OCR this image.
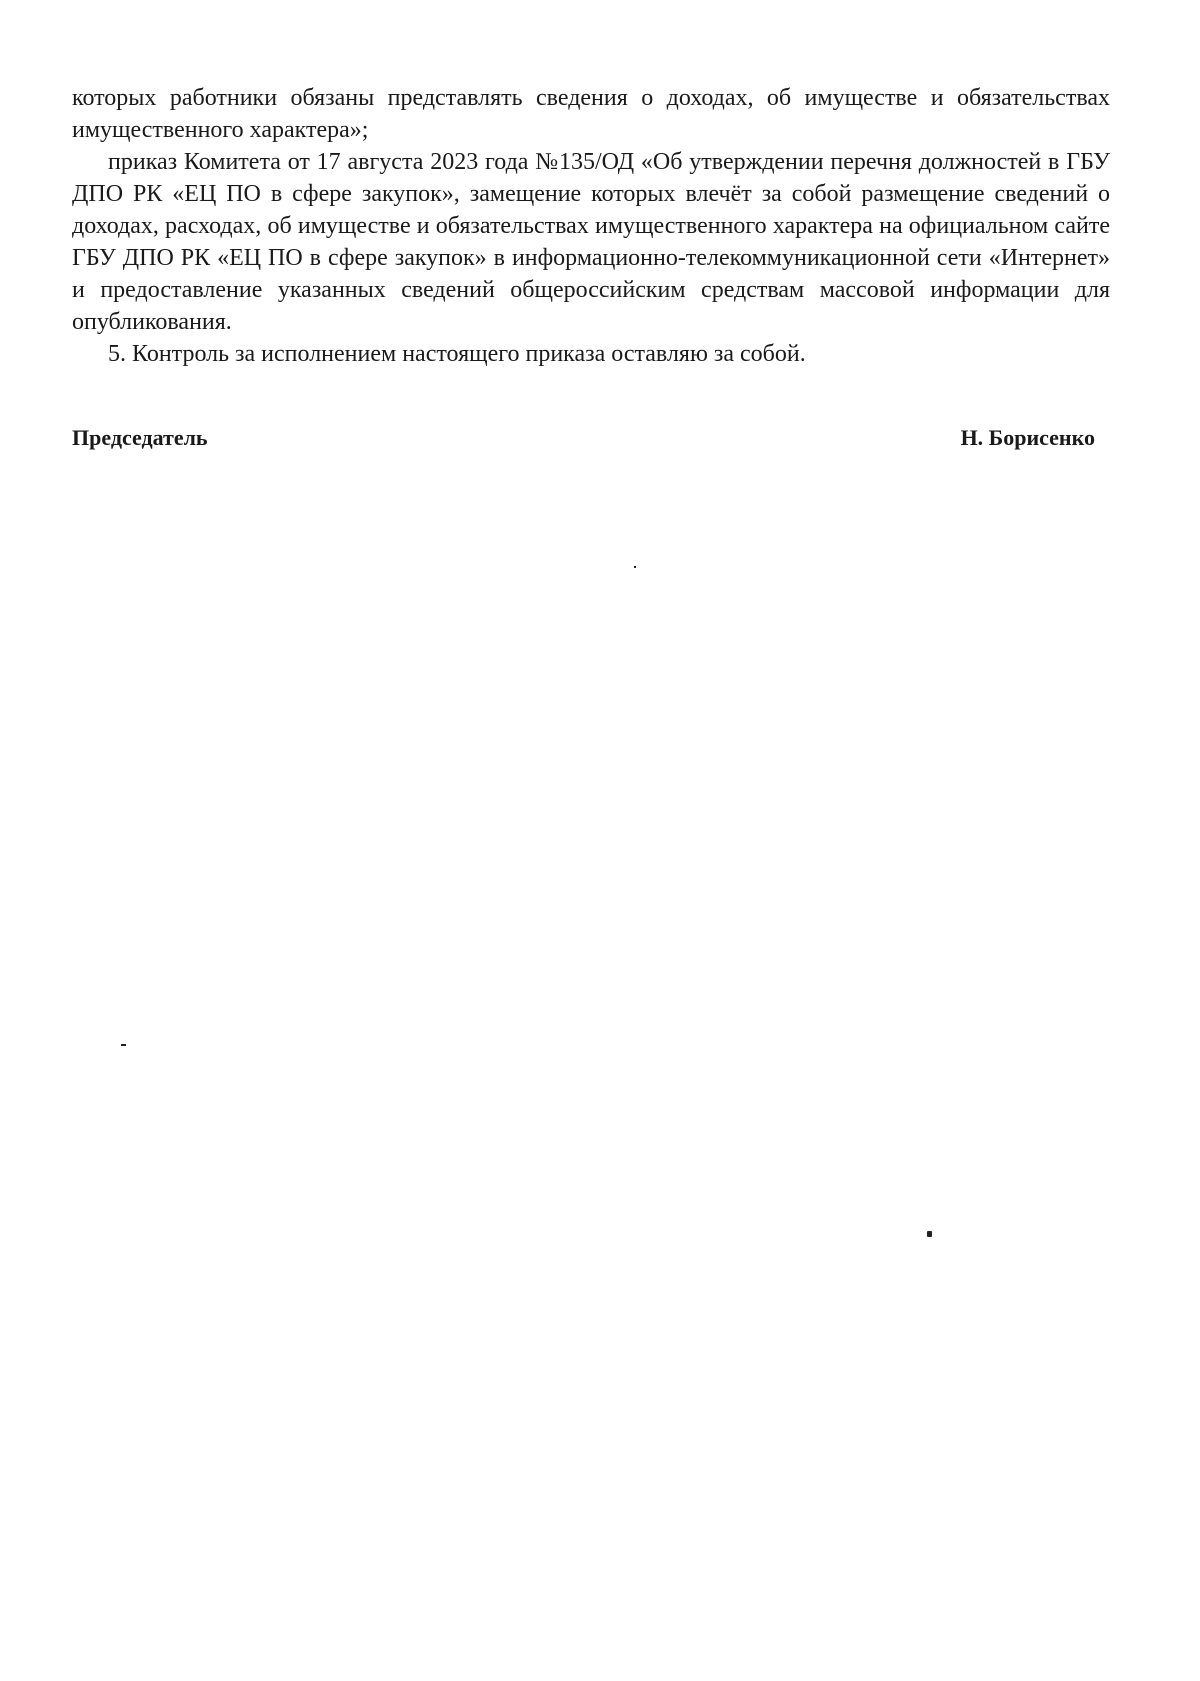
которых работники обязаны представлять сведения о доходах, об имуществе и обязательствах имущественного характера»;

приказ Комитета от 17 августа 2023 года №135/ОД «Об утверждении перечня должностей в ГБУ ДПО РК «ЕЦ ПО в сфере закупок», замещение которых влечёт за собой размещение сведений о доходах, расходах, об имуществе и обязательствах имущественного характера на официальном сайте ГБУ ДПО РК «ЕЦ ПО в сфере закупок» в информационно-телекоммуникационной сети «Интернет» и предоставление указанных сведений общероссийским средствам массовой информации для опубликования.

5. Контроль за исполнением настоящего приказа оставляю за собой.

Председатель	Н. Борисенко
